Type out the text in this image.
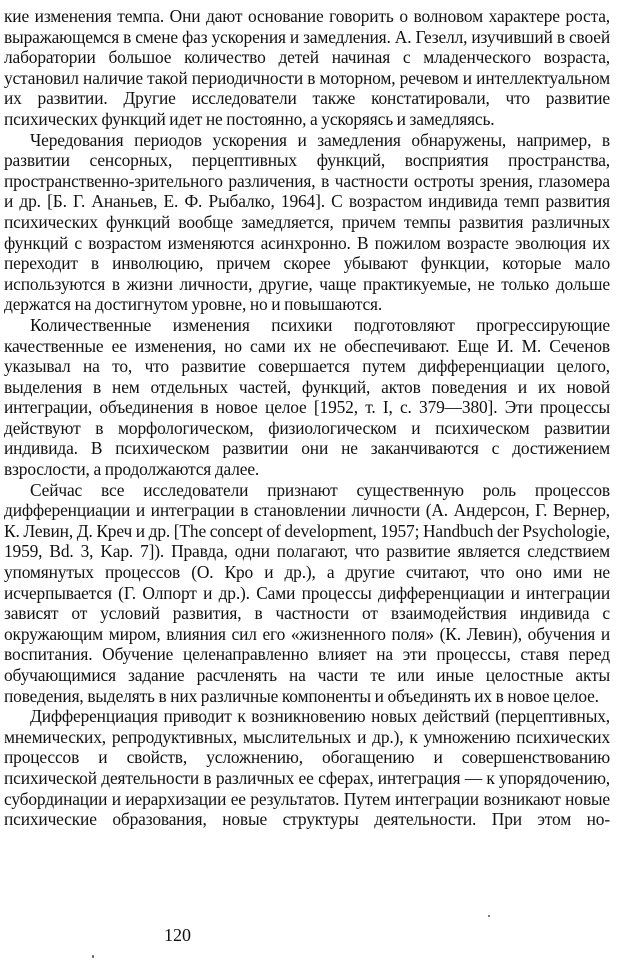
кие изменения темпа. Они дают основание говорить о волновом характере роста, выражающемся в смене фаз ускорения и замедления. А. Гезелл, изучивший в своей лаборатории большое количество детей начиная с младенческого возраста, установил наличие такой периодичности в моторном, речевом и интеллектуальном их развитии. Другие исследователи также констатировали, что развитие психических функций идет не постоянно, а ускоряясь и замедляясь.

Чередования периодов ускорения и замедления обнаружены, например, в развитии сенсорных, перцептивных функций, восприятия пространства, пространственно-зрительного различения, в частности остроты зрения, глазомера и др. [Б. Г. Ананьев, Е. Ф. Рыбалко, 1964]. С возрастом индивида темп развития психических функций вообще замедляется, причем темпы развития различных функций с возрастом изменяются асинхронно. В пожилом возрасте эволюция их переходит в инволюцию, причем скорее убывают функции, которые мало используются в жизни личности, другие, чаще практикуемые, не только дольше держатся на достигнутом уровне, но и повышаются.

Количественные изменения психики подготовляют прогрессирующие качественные ее изменения, но сами их не обеспечивают. Еще И. М. Сеченов указывал на то, что развитие совершается путем дифференциации целого, выделения в нем отдельных частей, функций, актов поведения и их новой интеграции, объединения в новое целое [1952, т. I, с. 379—380]. Эти процессы действуют в морфологическом, физиологическом и психическом развитии индивида. В психическом развитии они не заканчиваются с достижением взрослости, а продолжаются далее.

Сейчас все исследователи признают существенную роль процессов дифференциации и интеграции в становлении личности (А. Андерсон, Г. Вернер, К. Левин, Д. Креч и др. [The concept of development, 1957; Handbuch der Psychologie, 1959, Bd. 3, Kap. 7]). Правда, одни полагают, что развитие является следствием упомянутых процессов (О. Кро и др.), а другие считают, что оно ими не исчерпывается (Г. Олпорт и др.). Сами процессы дифференциации и интеграции зависят от условий развития, в частности от взаимодействия индивида с окружающим миром, влияния сил его «жизненного поля» (К. Левин), обучения и воспитания. Обучение целенаправленно влияет на эти процессы, ставя перед обучающимися задание расчленять на части те или иные целостные акты поведения, выделять в них различные компоненты и объединять их в новое целое.

Дифференциация приводит к возникновению новых действий (перцептивных, мнемических, репродуктивных, мыслительных и др.), к умножению психических процессов и свойств, усложнению, обогащению и совершенствованию психической деятельности в различных ее сферах, интеграция — к упорядочению, субординации и иерархизации ее результатов. Путем интеграции возникают новые психические образования, новые структуры деятельности. При этом но-

120
